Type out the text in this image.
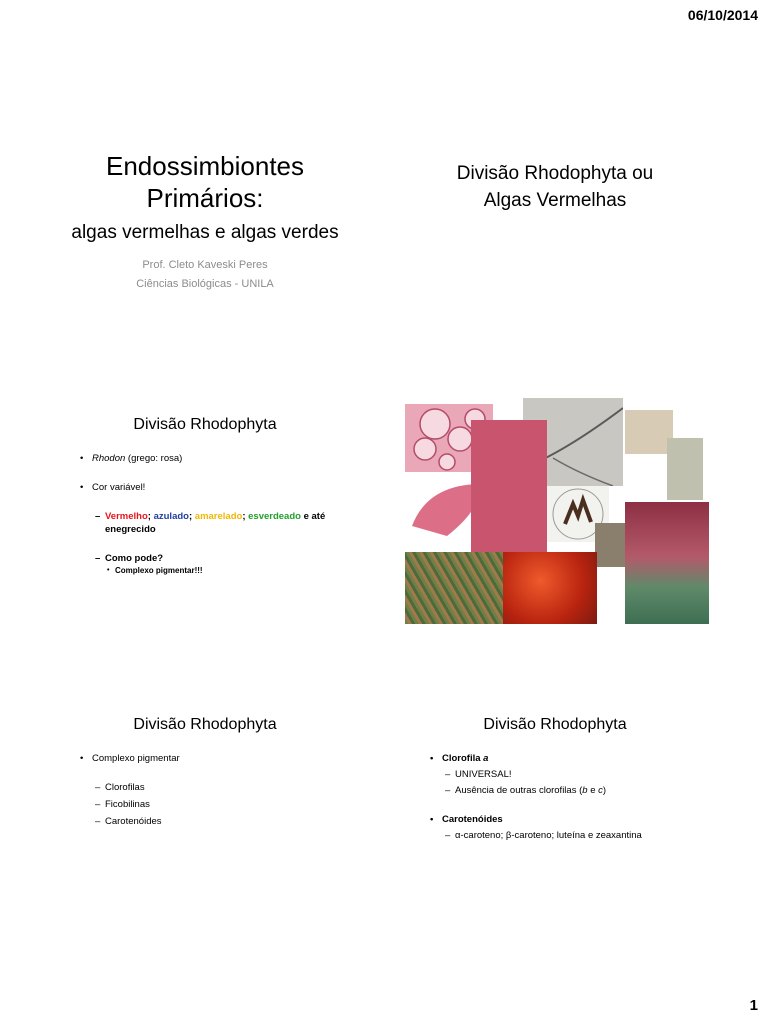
06/10/2014
Endossimbiontes
Primários:
algas vermelhas e algas verdes
Prof. Cleto Kaveski Peres
Ciências Biológicas - UNILA
Divisão Rhodophyta ou
Algas Vermelhas
Divisão Rhodophyta
• Rhodon (grego: rosa)
• Cor variável!
– Vermelho; azulado; amarelado; esverdeado e até
enegrecido
– Como pode?
• Complexo pigmentar!!!
Divisão Rhodophyta
• Complexo pigmentar
– Clorofilas
– Ficobilinas
– Carotenóides
Divisão Rhodophyta
• Clorofila a
– UNIVERSAL!
– Ausência de outras clorofilas (b e c)
• Carotenóides
– α-caroteno; β-caroteno; luteína e zeaxantina
1
